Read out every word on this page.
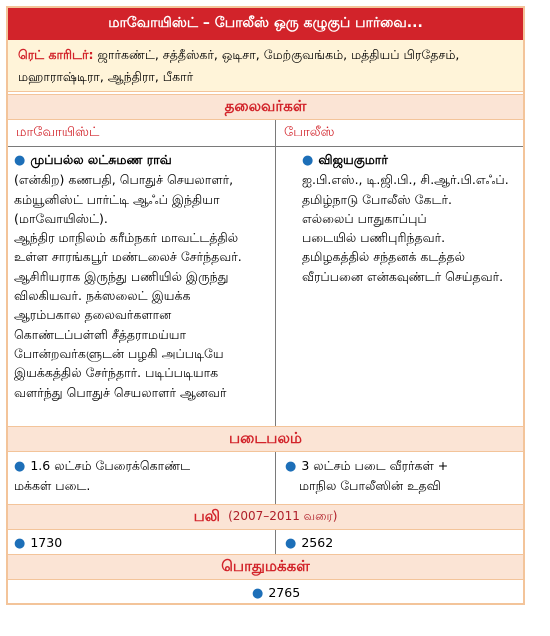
மாவோயிஸ்ட் – போலீஸ் ஒரு கழுகுப் பார்வை...
ரெட் காரிடர்: ஜார்கண்ட், சத்தீஸ்கர், ஒடிசா, மேற்குவங்கம், மத்தியப் பிரதேசம்,
மஹாராஷ்டிரா, ஆந்திரா, பீகார்
தலைவர்கள்
மாவோயிஸ்ட்	போலீஸ்
● முப்பல்ல லட்சுமண ராவ்
(என்கிற) கணபதி, பொதுச் செயலாளர்,
கம்யூனிஸ்ட் பார்ட்டி ஆஃப் இந்தியா
(மாவோயிஸ்ட்).
ஆந்திர மாநிலம் கரீம்நகர் மாவட்டத்தில்
உள்ள சாரங்கபூர் மண்டலைச் சேர்ந்தவர்.
ஆசிரியராக இருந்து பணியில் இருந்து
விலகியவர். நக்ஸலைட் இயக்க
ஆரம்பகால தலைவர்களான
கொண்டப்பள்ளி சீத்தராமய்யா
போன்றவர்களுடன் பழகி அப்படியே
இயக்கத்தில் சேர்ந்தார். படிப்படியாக
வளர்ந்து பொதுச் செயலாளர் ஆனவர்
● விஜயகுமார்
ஐ.பி.எஸ்., டி.ஜி.பி., சி.ஆர்.பி.எஃப்.
தமிழ்நாடு போலீஸ் கேடர்.
எல்லைப் பாதுகாப்புப்
படையில் பணிபுரிந்தவர்.
தமிழகத்தில் சந்தனக் கடத்தல்
வீரப்பனை என்கவுண்டர் செய்தவர்.
படைபலம்
● 1.6 லட்சம் பேரைக்கொண்ட
மக்கள் படை.
● 3 லட்சம் படை வீரர்கள் +
மாநில போலீஸின் உதவி
பலி (2007–2011 வரை)
● 1730	● 2562
பொதுமக்கள்
● 2765
